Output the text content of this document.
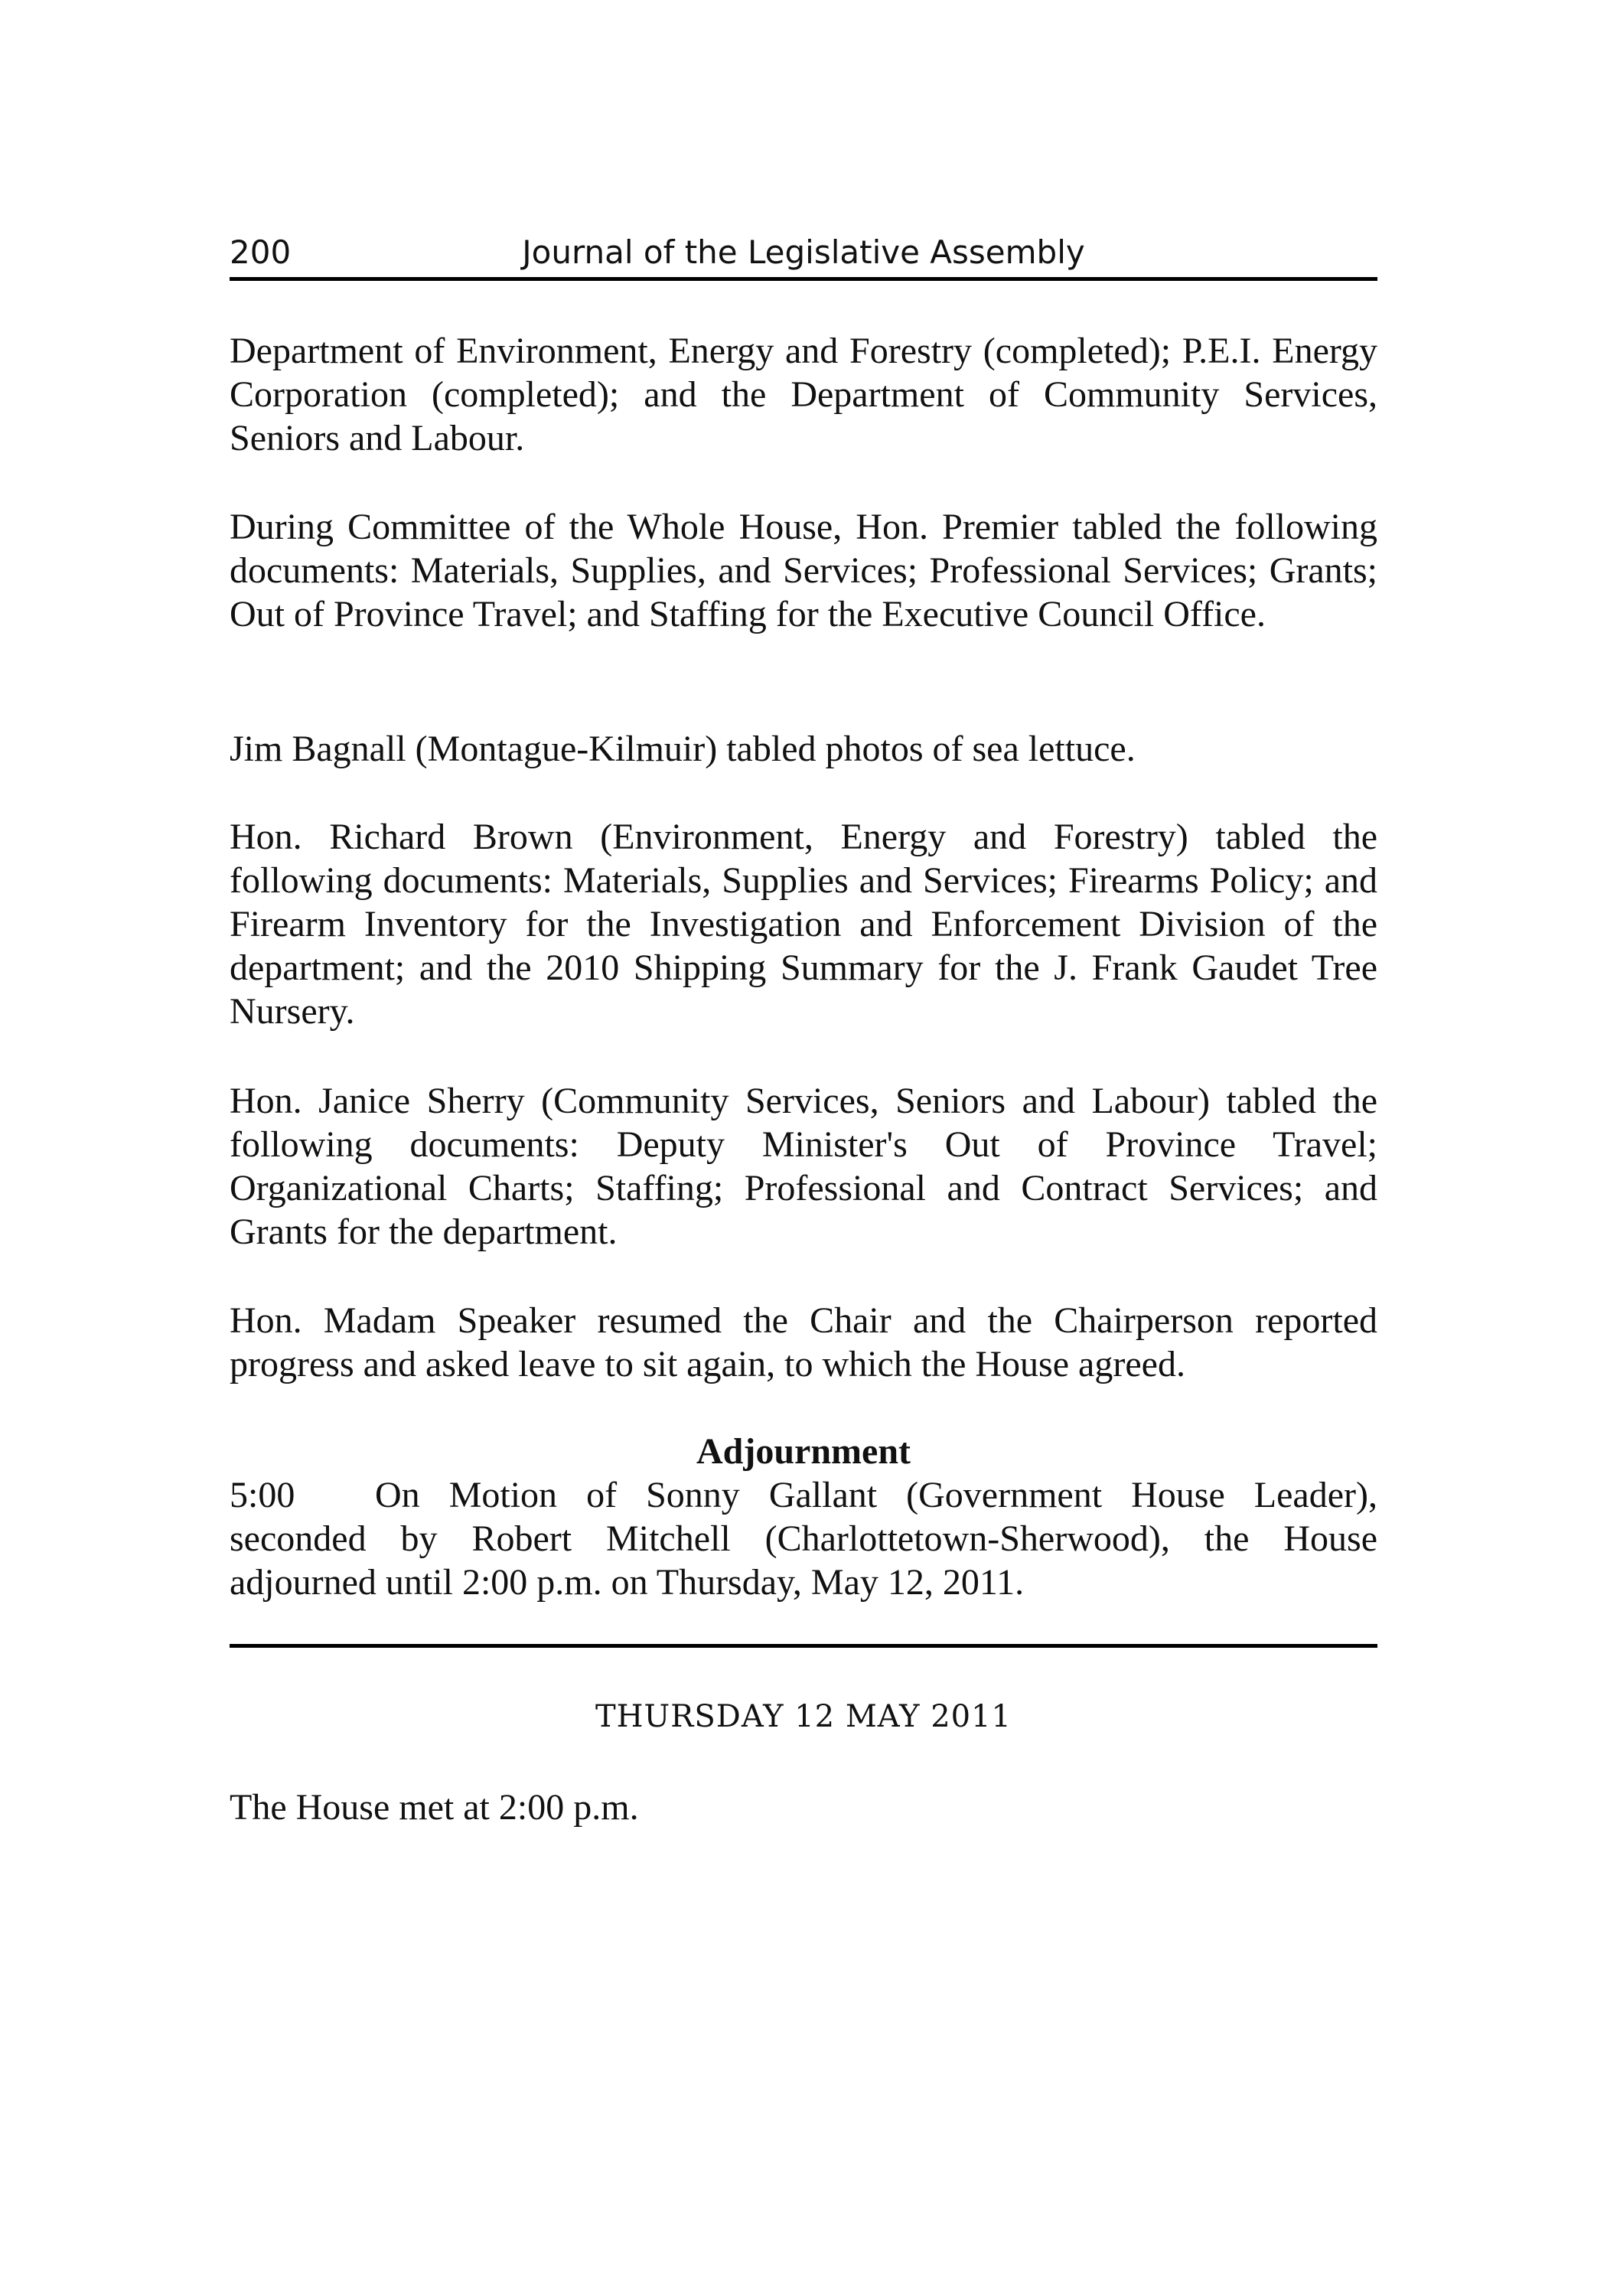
200	Journal of the Legislative Assembly

Department of Environment, Energy and Forestry (completed); P.E.I. Energy Corporation (completed); and the Department of Community Services, Seniors and Labour.

During Committee of the Whole House, Hon. Premier tabled the following documents: Materials, Supplies, and Services; Professional Services; Grants; Out of Province Travel; and Staffing for the Executive Council Office.

Jim Bagnall (Montague-Kilmuir) tabled photos of sea lettuce.

Hon. Richard Brown (Environment, Energy and Forestry) tabled the following documents: Materials, Supplies and Services; Firearms Policy; and Firearm Inventory for the Investigation and Enforcement Division of the department; and the 2010 Shipping Summary for the J. Frank Gaudet Tree Nursery.

Hon. Janice Sherry (Community Services, Seniors and Labour) tabled the following documents: Deputy Minister's Out of Province Travel; Organizational Charts; Staffing; Professional and Contract Services; and Grants for the department.

Hon. Madam Speaker resumed the Chair and the Chairperson reported progress and asked leave to sit again, to which the House agreed.

Adjournment

5:00 On Motion of Sonny Gallant (Government House Leader), seconded by Robert Mitchell (Charlottetown-Sherwood), the House adjourned until 2:00 p.m. on Thursday, May 12, 2011.

THURSDAY 12 MAY 2011

The House met at 2:00 p.m.
